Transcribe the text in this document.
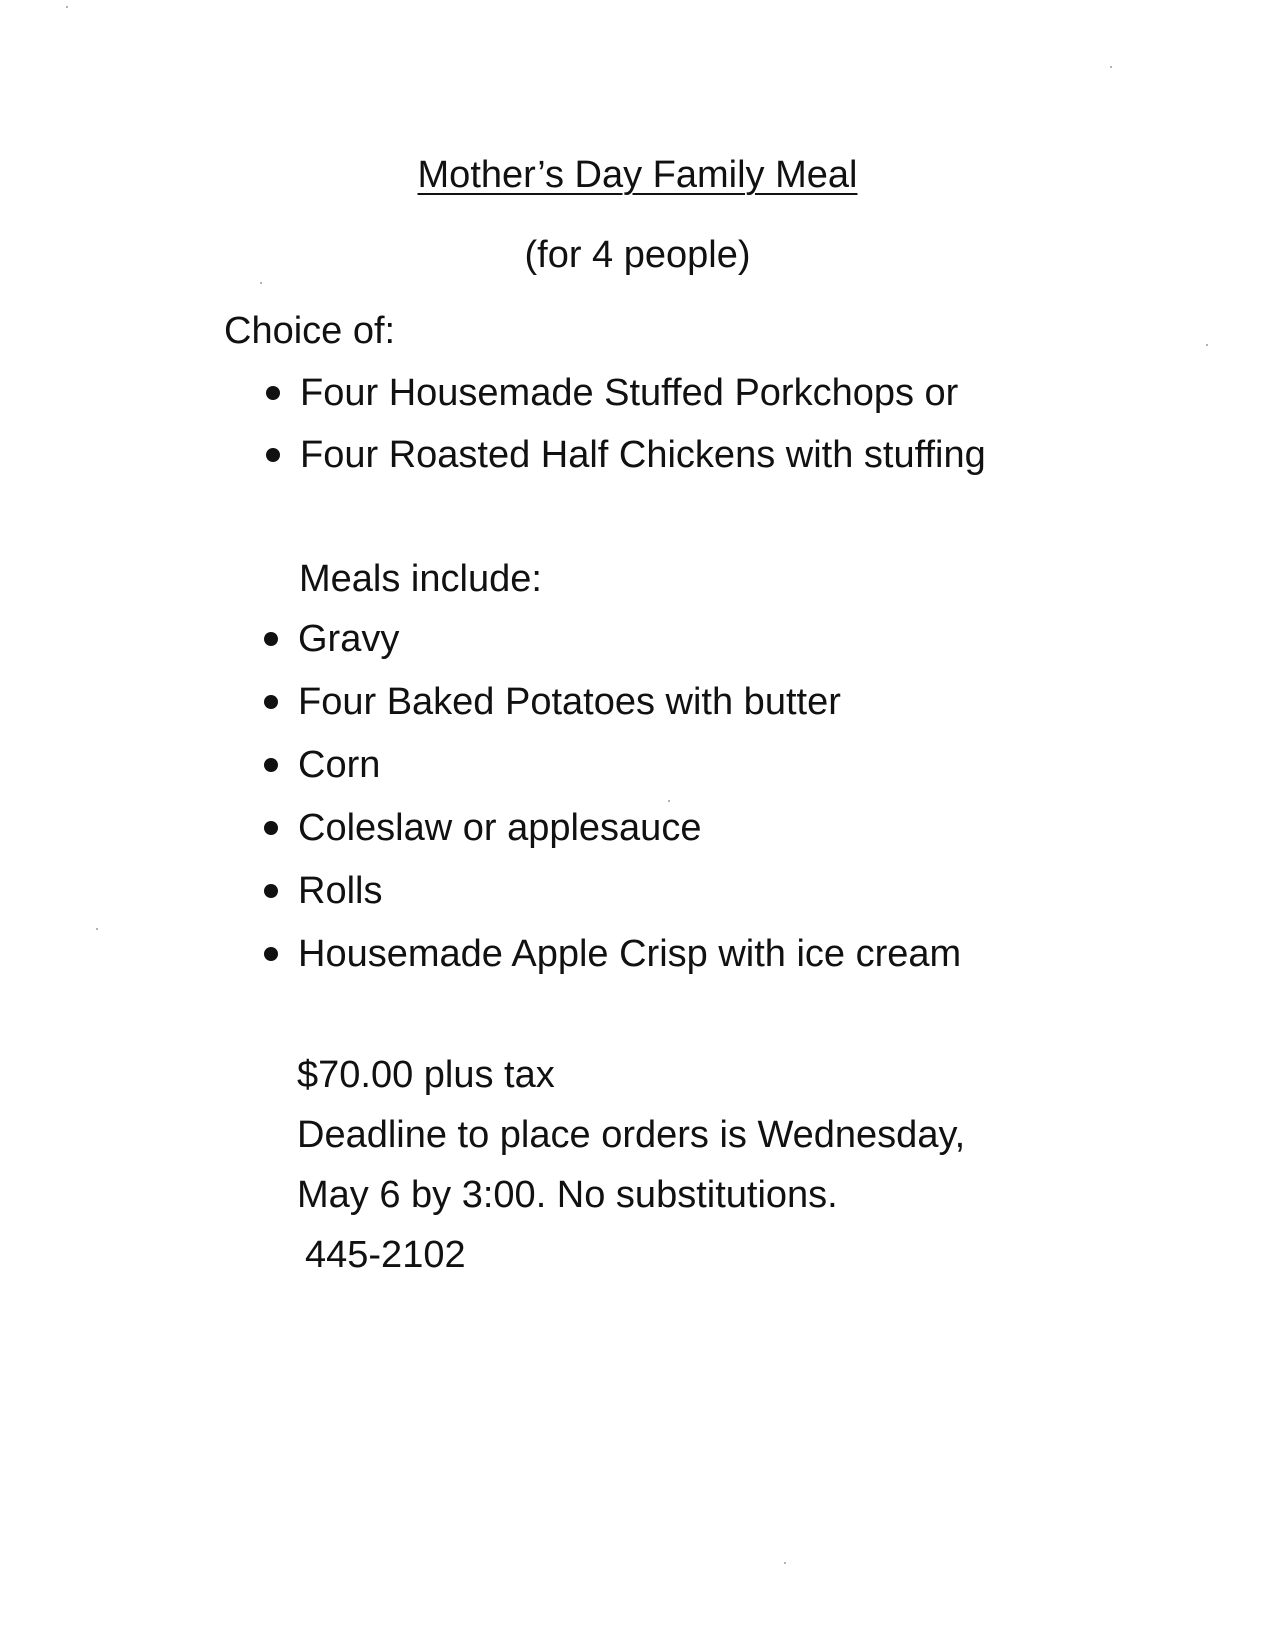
Mother’s Day Family Meal
(for 4 people)
Choice of:
Four Housemade Stuffed Porkchops or
Four Roasted Half Chickens with stuffing
Meals include:
Gravy
Four Baked Potatoes with butter
Corn
Coleslaw or applesauce
Rolls
Housemade Apple Crisp with ice cream
$70.00 plus tax
Deadline to place orders is Wednesday,
May 6 by 3:00. No substitutions.
445-2102
